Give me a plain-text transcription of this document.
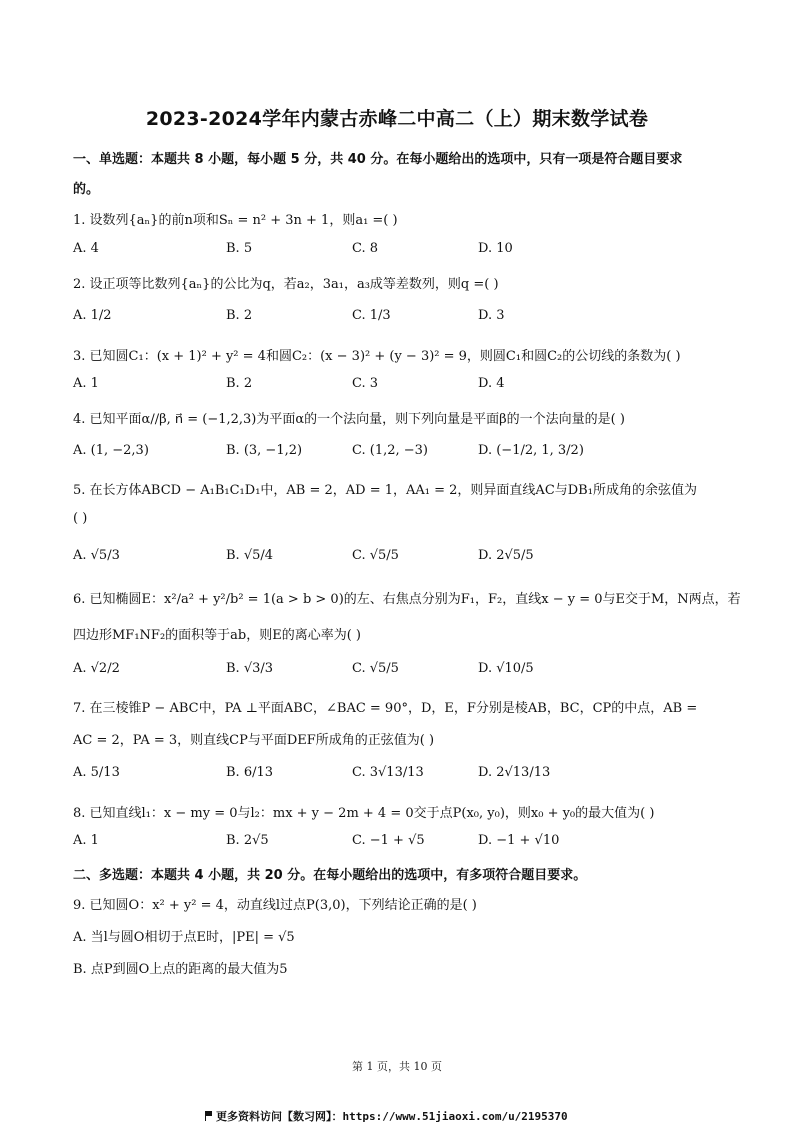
2023-2024学年内蒙古赤峰二中高二（上）期末数学试卷
一、单选题：本题共 8 小题，每小题 5 分，共 40 分。在每小题给出的选项中，只有一项是符合题目要求
的。
1. 设数列{aₙ}的前n项和Sₙ = n² + 3n + 1，则a₁ =( )
A. 4	B. 5	C. 8	D. 10
2. 设正项等比数列{aₙ}的公比为q，若a₂，3a₁，a₃成等差数列，则q =( )
A. 1/2	B. 2	C. 1/3	D. 3
3. 已知圆C₁：(x + 1)² + y² = 4和圆C₂：(x − 3)² + (y − 3)² = 9，则圆C₁和圆C₂的公切线的条数为( )
A. 1	B. 2	C. 3	D. 4
4. 已知平面α//β, n⃗ = (−1,2,3)为平面α的一个法向量，则下列向量是平面β的一个法向量的是( )
A. (1, −2,3)	B. (3, −1,2)	C. (1,2, −3)	D. (−1/2, 1, 3/2)
5. 在长方体ABCD − A₁B₁C₁D₁中，AB = 2，AD = 1，AA₁ = 2，则异面直线AC与DB₁所成角的余弦值为
( )
A. √5/3	B. √5/4	C. √5/5	D. 2√5/5
6. 已知椭圆E：x²/a² + y²/b² = 1(a > b > 0)的左、右焦点分别为F₁，F₂，直线x − y = 0与E交于M，N两点，若
四边形MF₁NF₂的面积等于ab，则E的离心率为( )
A. √2/2	B. √3/3	C. √5/5	D. √10/5
7. 在三棱锥P − ABC中，PA ⊥平面ABC，∠BAC = 90°，D，E，F分别是棱AB，BC，CP的中点，AB =
AC = 2，PA = 3，则直线CP与平面DEF所成角的正弦值为( )
A. 5/13	B. 6/13	C. 3√13/13	D. 2√13/13
8. 已知直线l₁：x − my = 0与l₂：mx + y − 2m + 4 = 0交于点P(x₀, y₀)，则x₀ + y₀的最大值为( )
A. 1	B. 2√5	C. −1 + √5	D. −1 + √10
二、多选题：本题共 4 小题，共 20 分。在每小题给出的选项中，有多项符合题目要求。
9. 已知圆O：x² + y² = 4，动直线l过点P(3,0)，下列结论正确的是( )
A. 当l与圆O相切于点E时，|PE| = √5
B. 点P到圆O上点的距离的最大值为5
第 1 页，共 10 页
更多资料访问【数习网】：https://www.51jiaoxi.com/u/2195370
